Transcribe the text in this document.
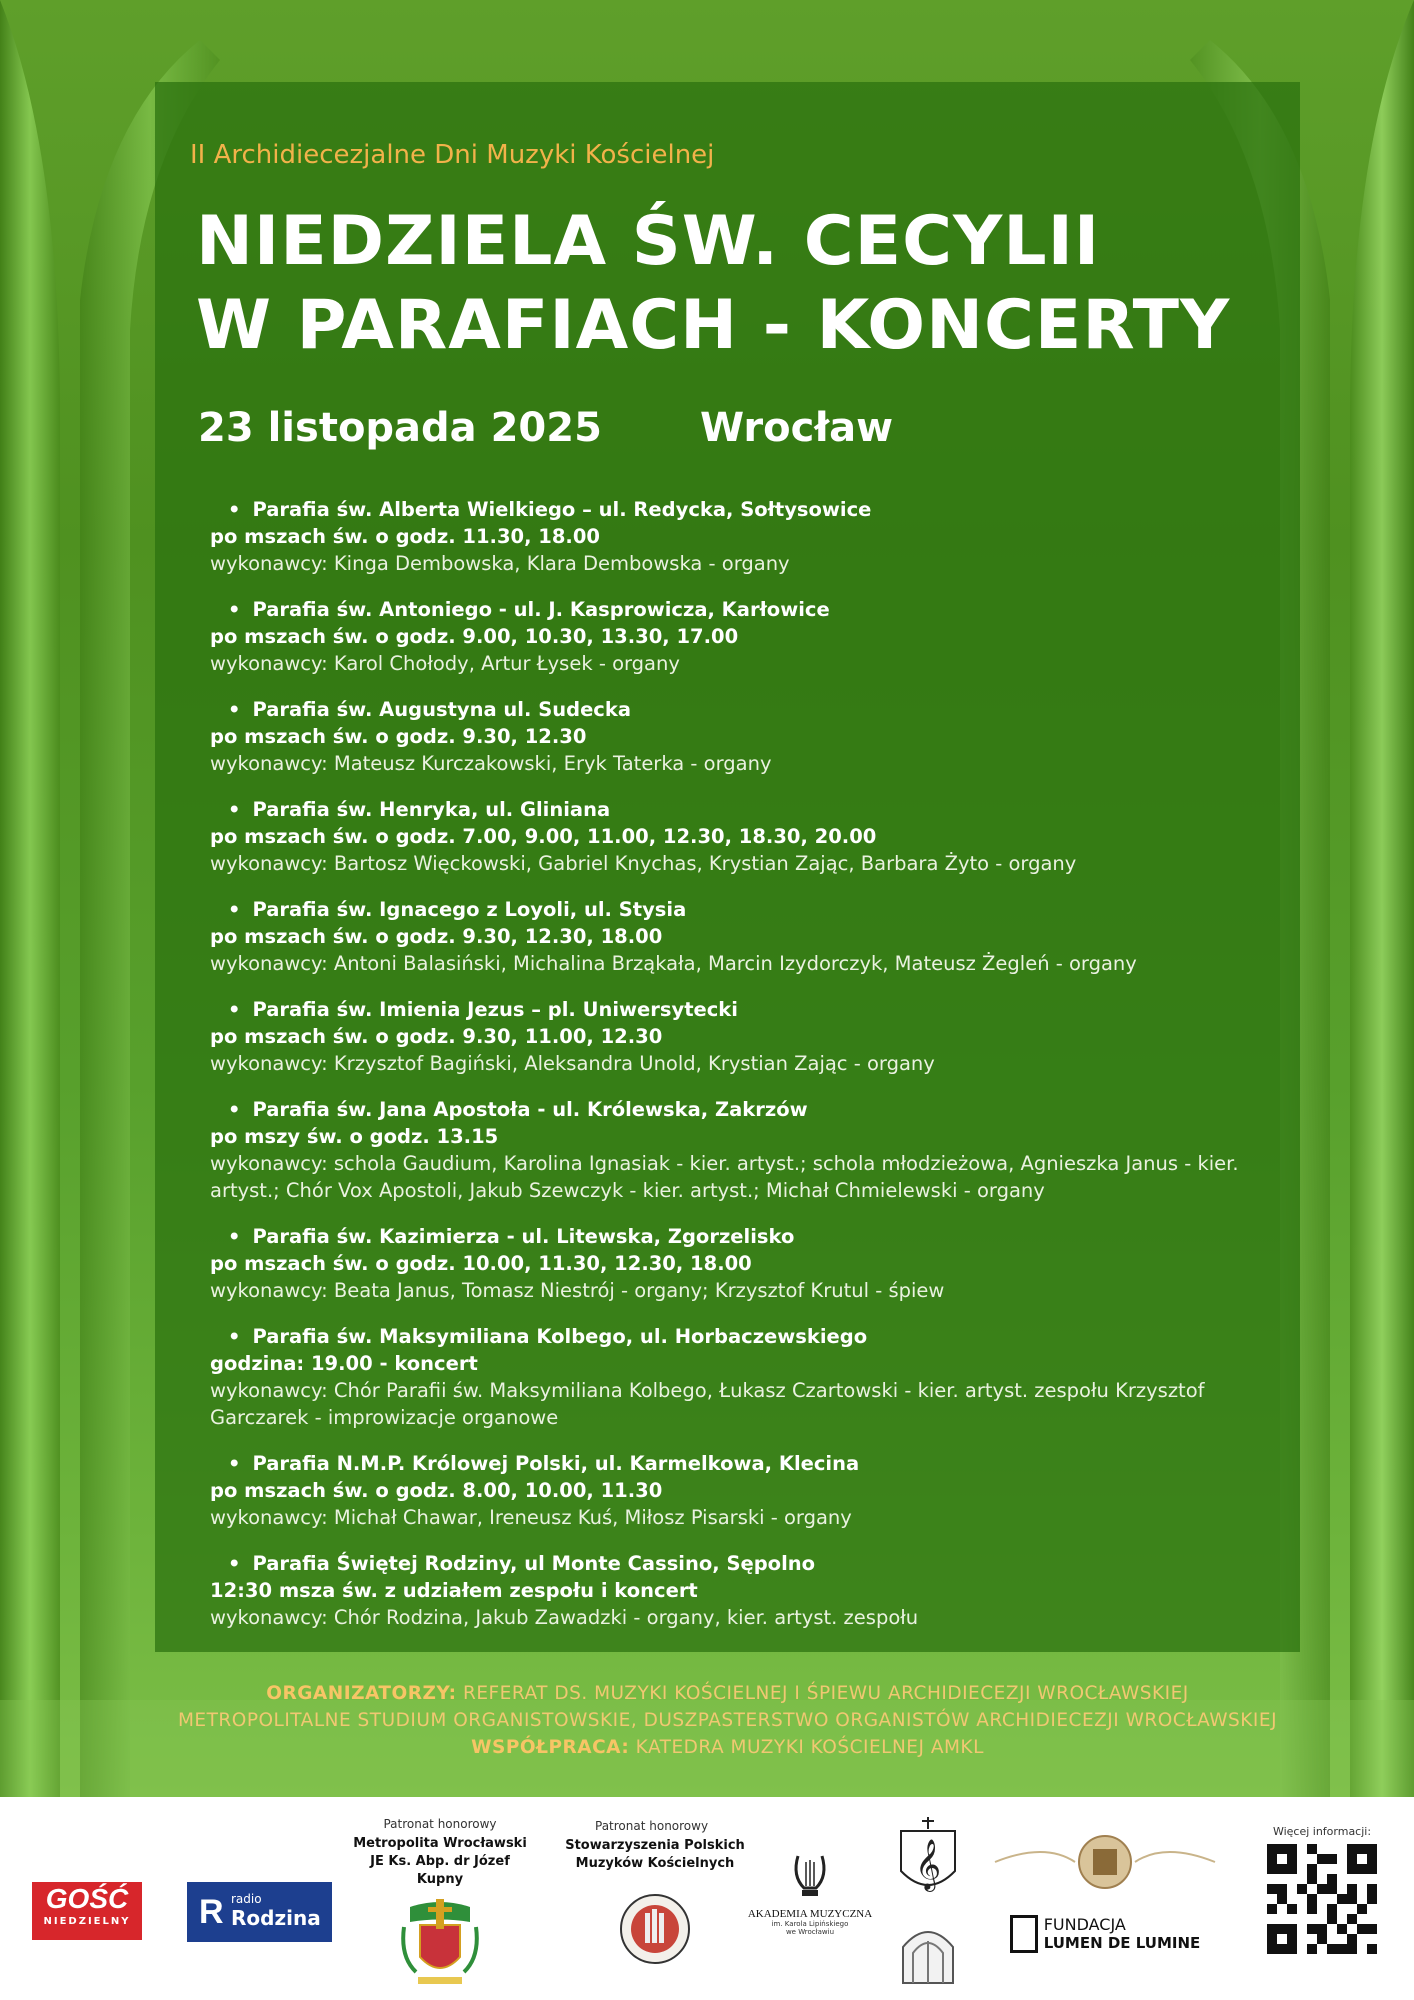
II Archidiecezjalne Dni Muzyki Kościelnej
NIEDZIELA ŚW. CECYLII
W PARAFIACH - KONCERTY
23 listopada 2025 Wrocław
• Parafia św. Alberta Wielkiego – ul. Redycka, Sołtysowice
po mszach św. o godz. 11.30, 18.00
wykonawcy: Kinga Dembowska, Klara Dembowska - organy
• Parafia św. Antoniego - ul. J. Kasprowicza, Karłowice
po mszach św. o godz. 9.00, 10.30, 13.30, 17.00
wykonawcy: Karol Chołody, Artur Łysek - organy
• Parafia św. Augustyna ul. Sudecka
po mszach św. o godz. 9.30, 12.30
wykonawcy: Mateusz Kurczakowski, Eryk Taterka - organy
• Parafia św. Henryka, ul. Gliniana
po mszach św. o godz. 7.00, 9.00, 11.00, 12.30, 18.30, 20.00
wykonawcy: Bartosz Więckowski, Gabriel Knychas, Krystian Zając, Barbara Żyto - organy
• Parafia św. Ignacego z Loyoli, ul. Stysia
po mszach św. o godz. 9.30, 12.30, 18.00
wykonawcy: Antoni Balasiński, Michalina Brząkała, Marcin Izydorczyk, Mateusz Żegleń - organy
• Parafia św. Imienia Jezus – pl. Uniwersytecki
po mszach św. o godz. 9.30, 11.00, 12.30
wykonawcy: Krzysztof Bagiński, Aleksandra Unold, Krystian Zając - organy
• Parafia św. Jana Apostoła - ul. Królewska, Zakrzów
po mszy św. o godz. 13.15
wykonawcy: schola Gaudium, Karolina Ignasiak - kier. artyst.; schola młodzieżowa, Agnieszka Janus - kier. artyst.; Chór Vox Apostoli, Jakub Szewczyk - kier. artyst.; Michał Chmielewski - organy
• Parafia św. Kazimierza - ul. Litewska, Zgorzelisko
po mszach św. o godz. 10.00, 11.30, 12.30, 18.00
wykonawcy: Beata Janus, Tomasz Niestrój - organy; Krzysztof Krutul - śpiew
• Parafia św. Maksymiliana Kolbego, ul. Horbaczewskiego
godzina: 19.00 - koncert
wykonawcy: Chór Parafii św. Maksymiliana Kolbego, Łukasz Czartowski - kier. artyst. zespołu Krzysztof Garczarek - improwizacje organowe
• Parafia N.M.P. Królowej Polski, ul. Karmelkowa, Klecina
po mszach św. o godz. 8.00, 10.00, 11.30
wykonawcy: Michał Chawar, Ireneusz Kuś, Miłosz Pisarski - organy
• Parafia Świętej Rodziny, ul Monte Cassino, Sępolno
12:30 msza św. z udziałem zespołu i koncert
wykonawcy: Chór Rodzina, Jakub Zawadzki - organy, kier. artyst. zespołu
ORGANIZATORZY: REFERAT DS. MUZYKI KOŚCIELNEJ I ŚPIEWU ARCHIDIECEZJI WROCŁAWSKIEJ
METROPOLITALNE STUDIUM ORGANISTOWSKIE, DUSZPASTERSTWO ORGANISTÓW ARCHIDIECEZJI WROCŁAWSKIEJ
WSPÓŁPRACA: KATEDRA MUZYKI KOŚCIELNEJ AMKL
GOŚĆ
NIEDZIELNY	R radio
Rodzina
Patronat honorowy
Metropolita Wrocławski
JE Ks. Abp. dr Józef Kupny
Patronat honorowy
Stowarzyszenia Polskich
Muzyków Kościelnych
AKADEMIA MUZYCZNA
im. Karola Lipińskiego
we Wrocławiu
𝄞

FUNDACJA
LUMEN DE LUMINE
Więcej informacji:
